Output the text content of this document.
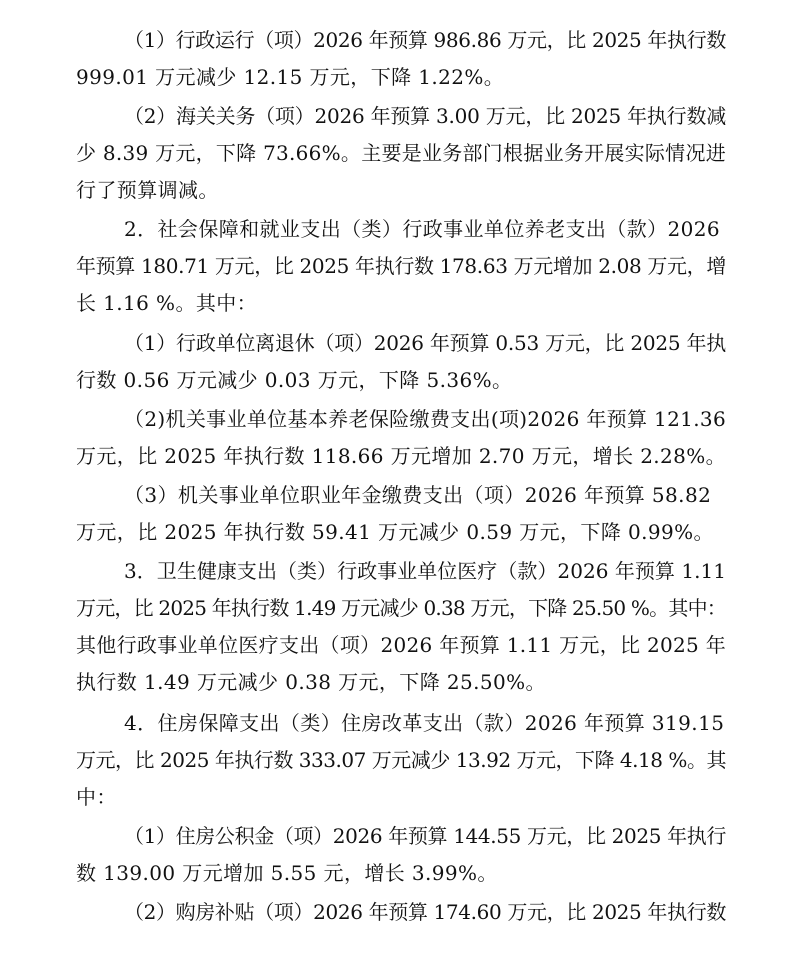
（1）行政运行（项）2026 年预算 986.86 万元，比 2025 年执行数
999.01 万元减少 12.15 万元，下降 1.22%。
（2）海关关务（项）2026 年预算 3.00 万元，比 2025 年执行数减
少 8.39 万元，下降 73.66%。主要是业务部门根据业务开展实际情况进
行了预算调减。
2．社会保障和就业支出（类）行政事业单位养老支出（款）2026
年预算 180.71 万元，比 2025 年执行数 178.63 万元增加 2.08 万元，增
长 1.16 %。其中：
（1）行政单位离退休（项）2026 年预算 0.53 万元，比 2025 年执
行数 0.56 万元减少 0.03 万元，下降 5.36%。
（2)机关事业单位基本养老保险缴费支出(项)2026 年预算 121.36
万元，比 2025 年执行数 118.66 万元增加 2.70 万元，增长 2.28%。
（3）机关事业单位职业年金缴费支出（项）2026 年预算 58.82
万元，比 2025 年执行数 59.41 万元减少 0.59 万元，下降 0.99%。
3．卫生健康支出（类）行政事业单位医疗（款）2026 年预算 1.11
万元，比 2025 年执行数 1.49 万元减少 0.38 万元，下降 25.50 %。其中：
其他行政事业单位医疗支出（项）2026 年预算 1.11 万元，比 2025 年
执行数 1.49 万元减少 0.38 万元，下降 25.50%。
4．住房保障支出（类）住房改革支出（款）2026 年预算 319.15
万元，比 2025 年执行数 333.07 万元减少 13.92 万元，下降 4.18 %。其
中：
（1）住房公积金（项）2026 年预算 144.55 万元，比 2025 年执行
数 139.00 万元增加 5.55 元，增长 3.99%。
（2）购房补贴（项）2026 年预算 174.60 万元，比 2025 年执行数
